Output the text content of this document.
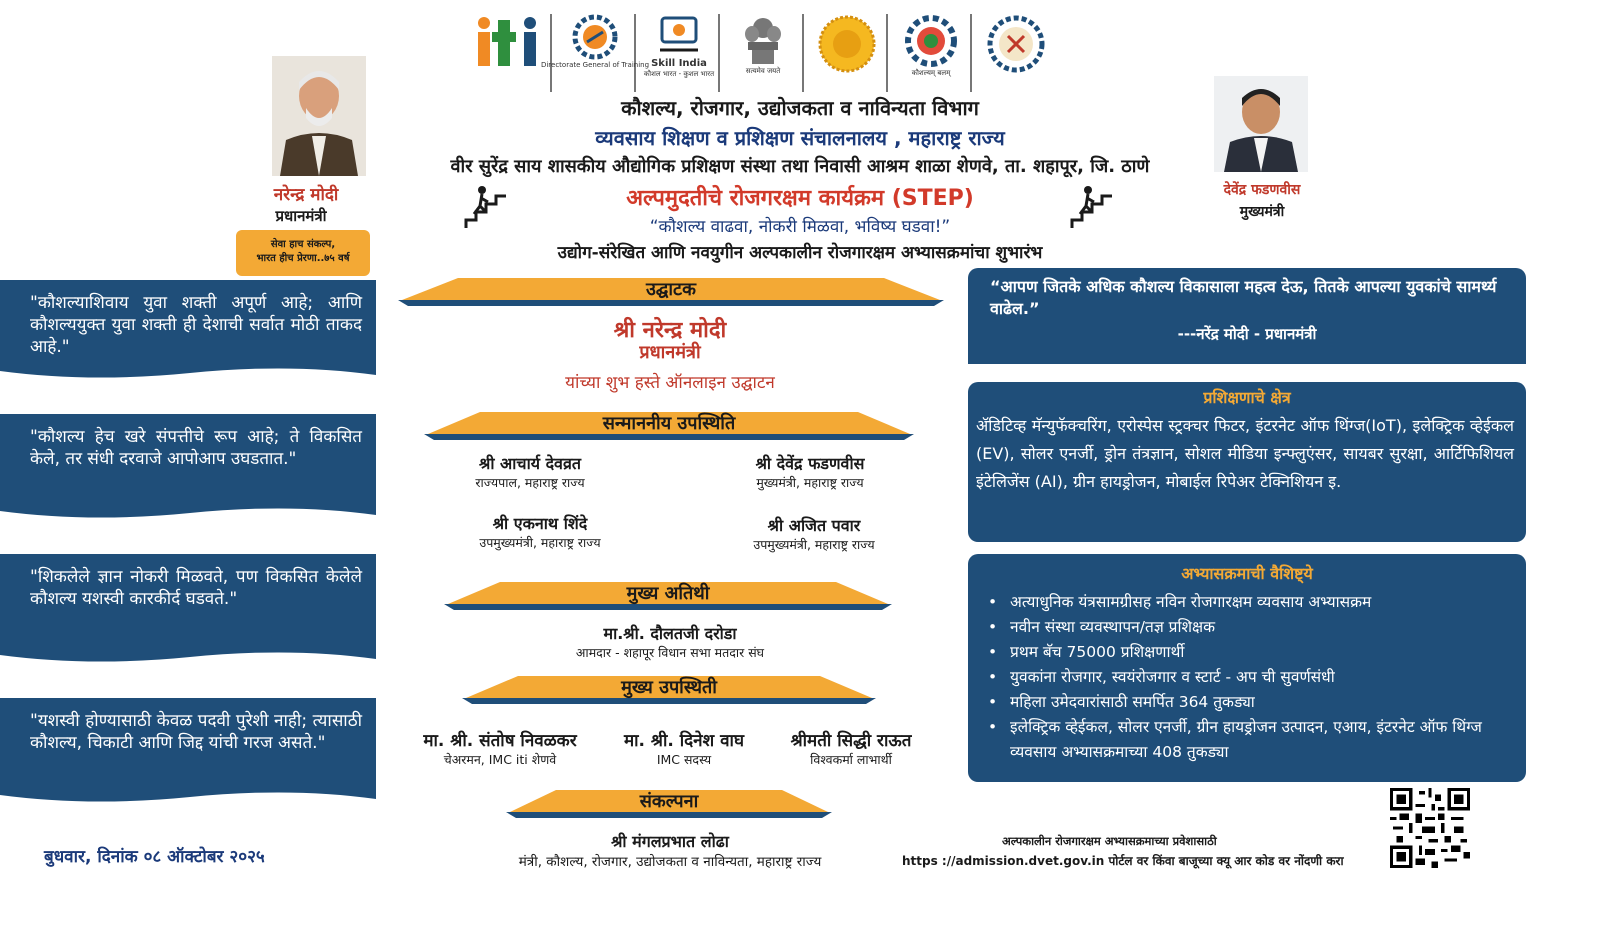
Directorate General of Training Skill India
कौशल भारत - कुशल भारत	सत्यमेव जयते	कौशल्यम् बलम्
नरेन्द्र मोदी
प्रधानमंत्री
देवेंद्र फडणवीस
मुख्यमंत्री
सेवा हाच संकल्प,
भारत हीच प्रेरणा..७५ वर्ष
कौशल्य, रोजगार, उद्योजकता व नाविन्यता विभाग
व्यवसाय शिक्षण व प्रशिक्षण संचालनालय , महाराष्ट्र राज्य
वीर सुरेंद्र साय शासकीय औद्योगिक प्रशिक्षण संस्था तथा निवासी आश्रम शाळा शेणवे, ता. शहापूर, जि. ठाणे
अल्पमुदतीचे रोजगरक्षम कार्यक्रम (STEP)
“कौशल्य वाढवा, नोकरी मिळवा, भविष्य घडवा!”
उद्योग-संरेखित आणि नवयुगीन अल्पकालीन रोजगारक्षम अभ्यासक्रमांचा शुभारंभ
"कौशल्याशिवाय युवा शक्ती अपूर्ण आहे; आणि कौशल्ययुक्त युवा शक्ती ही देशाची सर्वात मोठी ताकद आहे."
"कौशल्य हेच खरे संपत्तीचे रूप आहे; ते विकसित केले, तर संधी दरवाजे आपोआप उघडतात."
"शिकलेले ज्ञान नोकरी मिळवते, पण विकसित केलेले कौशल्य यशस्वी कारकीर्द घडवते."
"यशस्वी होण्यासाठी केवळ पदवी पुरेशी नाही; त्यासाठी कौशल्य, चिकाटी आणि जिद्द यांची गरज असते."
उद्घाटक
श्री नरेन्द्र मोदी
प्रधानमंत्री
यांच्या शुभ हस्ते ऑनलाइन उद्घाटन
सन्माननीय उपस्थिति
श्री आचार्य देवव्रत
राज्यपाल, महाराष्ट्र राज्य
श्री देवेंद्र फडणवीस
मुख्यमंत्री, महाराष्ट्र राज्य
श्री एकनाथ शिंदे
उपमुख्यमंत्री, महाराष्ट्र राज्य
श्री अजित पवार
उपमुख्यमंत्री, महाराष्ट्र राज्य
मुख्य अतिथी
मा.श्री. दौलतजी दरोडा
आमदार - शहापूर विधान सभा मतदार संघ
मुख्य उपस्थिती
मा. श्री. संतोष निवळकर
चेअरमन, IMC iti शेणवे
मा. श्री. दिनेश वाघ
IMC सदस्य
श्रीमती सिद्धी राऊत
विश्वकर्मा लाभार्थी
संकल्पना
श्री मंगलप्रभात लोढा
मंत्री, कौशल्य, रोजगार, उद्योजकता व नाविन्यता, महाराष्ट्र राज्य
“आपण जितके अधिक कौशल्य विकासाला महत्व देऊ, तितके आपल्या युवकांचे सामर्थ्य वाढेल.”
---नरेंद्र मोदी - प्रधानमंत्री
प्रशिक्षणाचे क्षेत्र
ॲडिटिव्ह मॅन्युफॅक्चरिंग, एरोस्पेस स्ट्रक्चर फिटर, इंटरनेट ऑफ थिंग्ज(IoT), इलेक्ट्रिक व्हेईकल (EV), सोलर एनर्जी, ड्रोन तंत्रज्ञान, सोशल मीडिया इन्फ्लुएंसर, सायबर सुरक्षा, आर्टिफिशियल इंटेलिजेंस (AI), ग्रीन हायड्रोजन, मोबाईल रिपेअर टेक्निशियन इ.
अभ्यासक्रमाची वैशिष्ट्ये
• अत्याधुनिक यंत्रसामग्रीसह नविन रोजगारक्षम व्यवसाय अभ्यासक्रम
• नवीन संस्था व्यवस्थापन/तज्ञ प्रशिक्षक
• प्रथम बॅच 75000 प्रशिक्षणार्थी
• युवकांना रोजगार, स्वयंरोजगार व स्टार्ट - अप ची सुवर्णसंधी
• महिला उमेदवारांसाठी समर्पित 364 तुकड्या
• इलेक्ट्रिक व्हेईकल, सोलर एनर्जी, ग्रीन हायड्रोजन उत्पादन, एआय, इंटरनेट ऑफ थिंग्ज व्यवसाय अभ्यासक्रमाच्या 408 तुकड्या
बुधवार, दिनांक ०८ ऑक्टोबर २०२५
अल्पकालीन रोजगारक्षम अभ्यासक्रमाच्या प्रवेशासाठी
https ://admission.dvet.gov.in पोर्टल वर किंवा बाजूच्या क्यू आर कोड वर नोंदणी करा
